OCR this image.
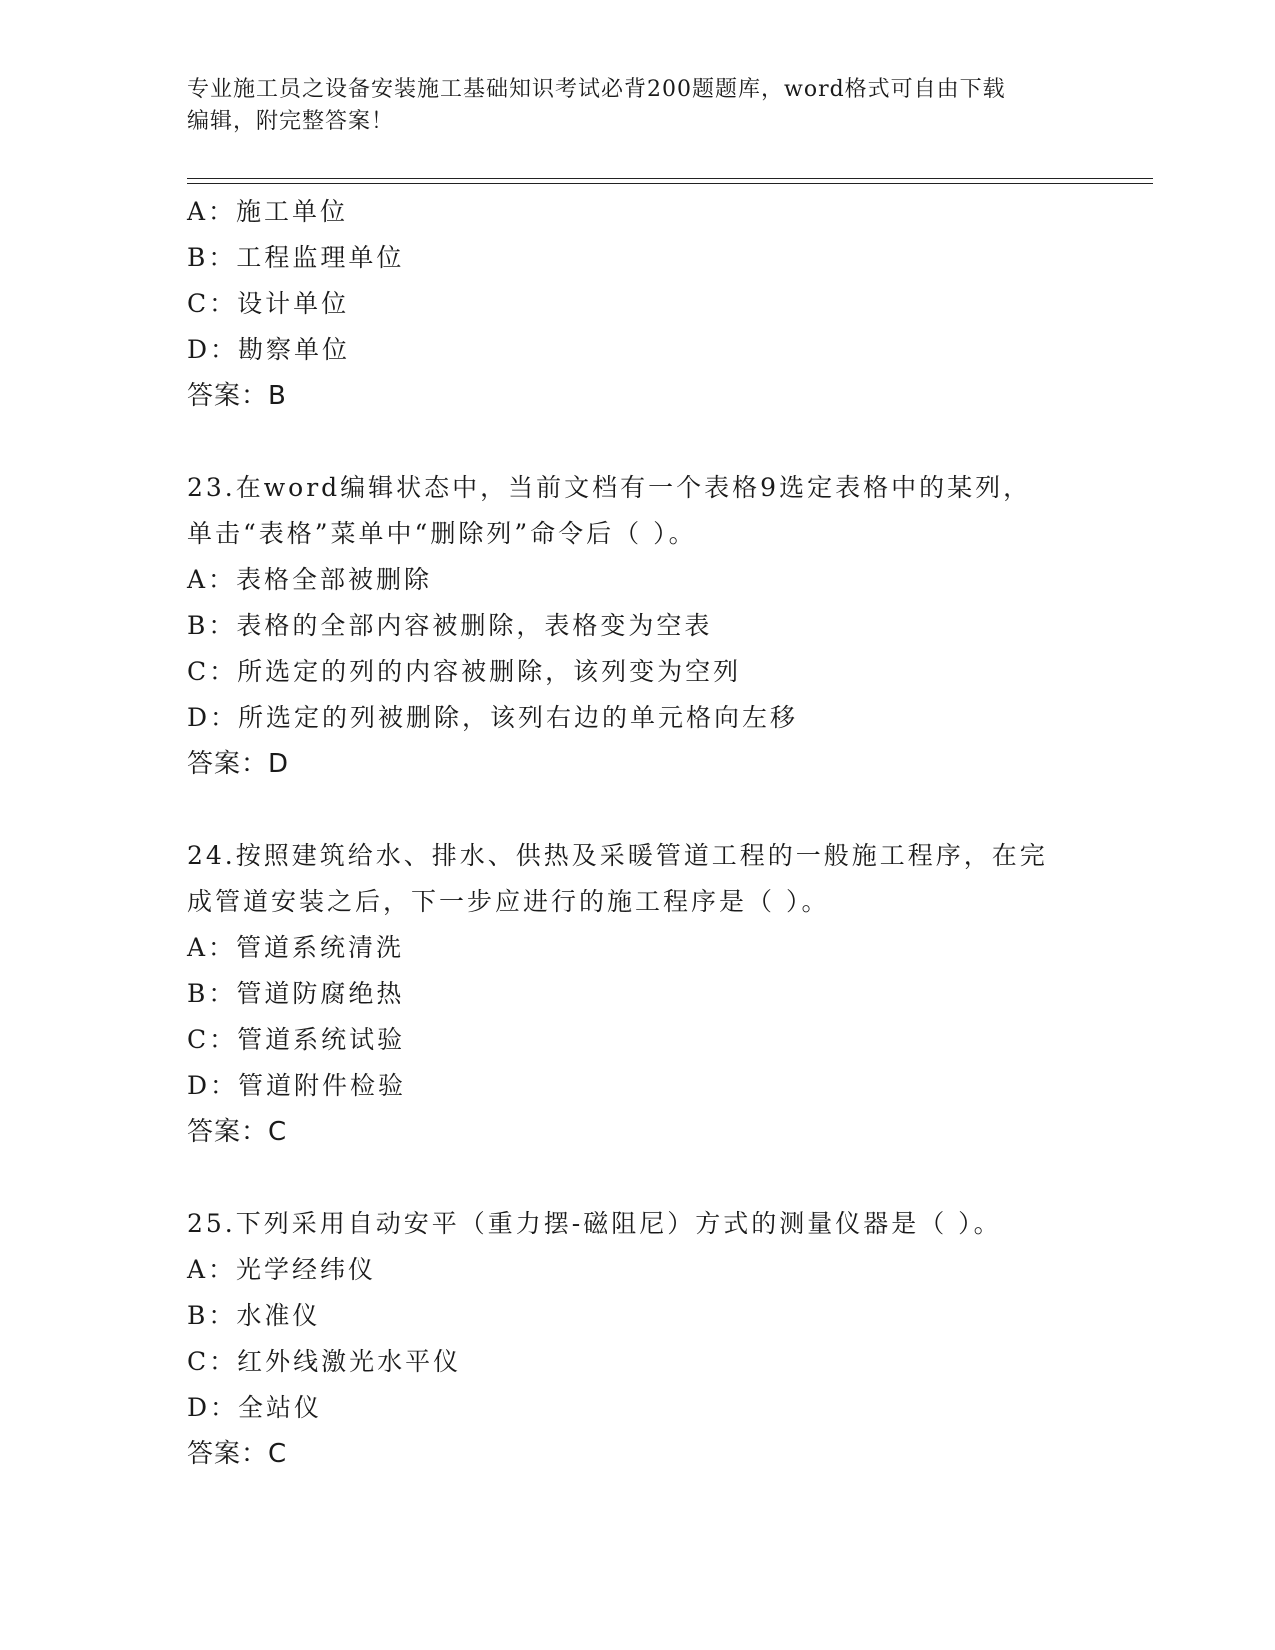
专业施工员之设备安装施工基础知识考试必背200题题库，word格式可自由下载
编辑，附完整答案！
A：施工单位
B：工程监理单位
C：设计单位
D：勘察单位
答案：B
23.在word编辑状态中，当前文档有一个表格9选定表格中的某列，
单击“表格”菜单中“删除列”命令后（ ）。
A：表格全部被删除
B：表格的全部内容被删除，表格变为空表
C：所选定的列的内容被删除，该列变为空列
D：所选定的列被删除，该列右边的单元格向左移
答案：D
24.按照建筑给水、排水、供热及采暖管道工程的一般施工程序，在完
成管道安装之后，下一步应进行的施工程序是（ ）。
A：管道系统清洗
B：管道防腐绝热
C：管道系统试验
D：管道附件检验
答案：C
25.下列采用自动安平（重力摆-磁阻尼）方式的测量仪器是（ ）。
A：光学经纬仪
B：水准仪
C：红外线激光水平仪
D：全站仪
答案：C
